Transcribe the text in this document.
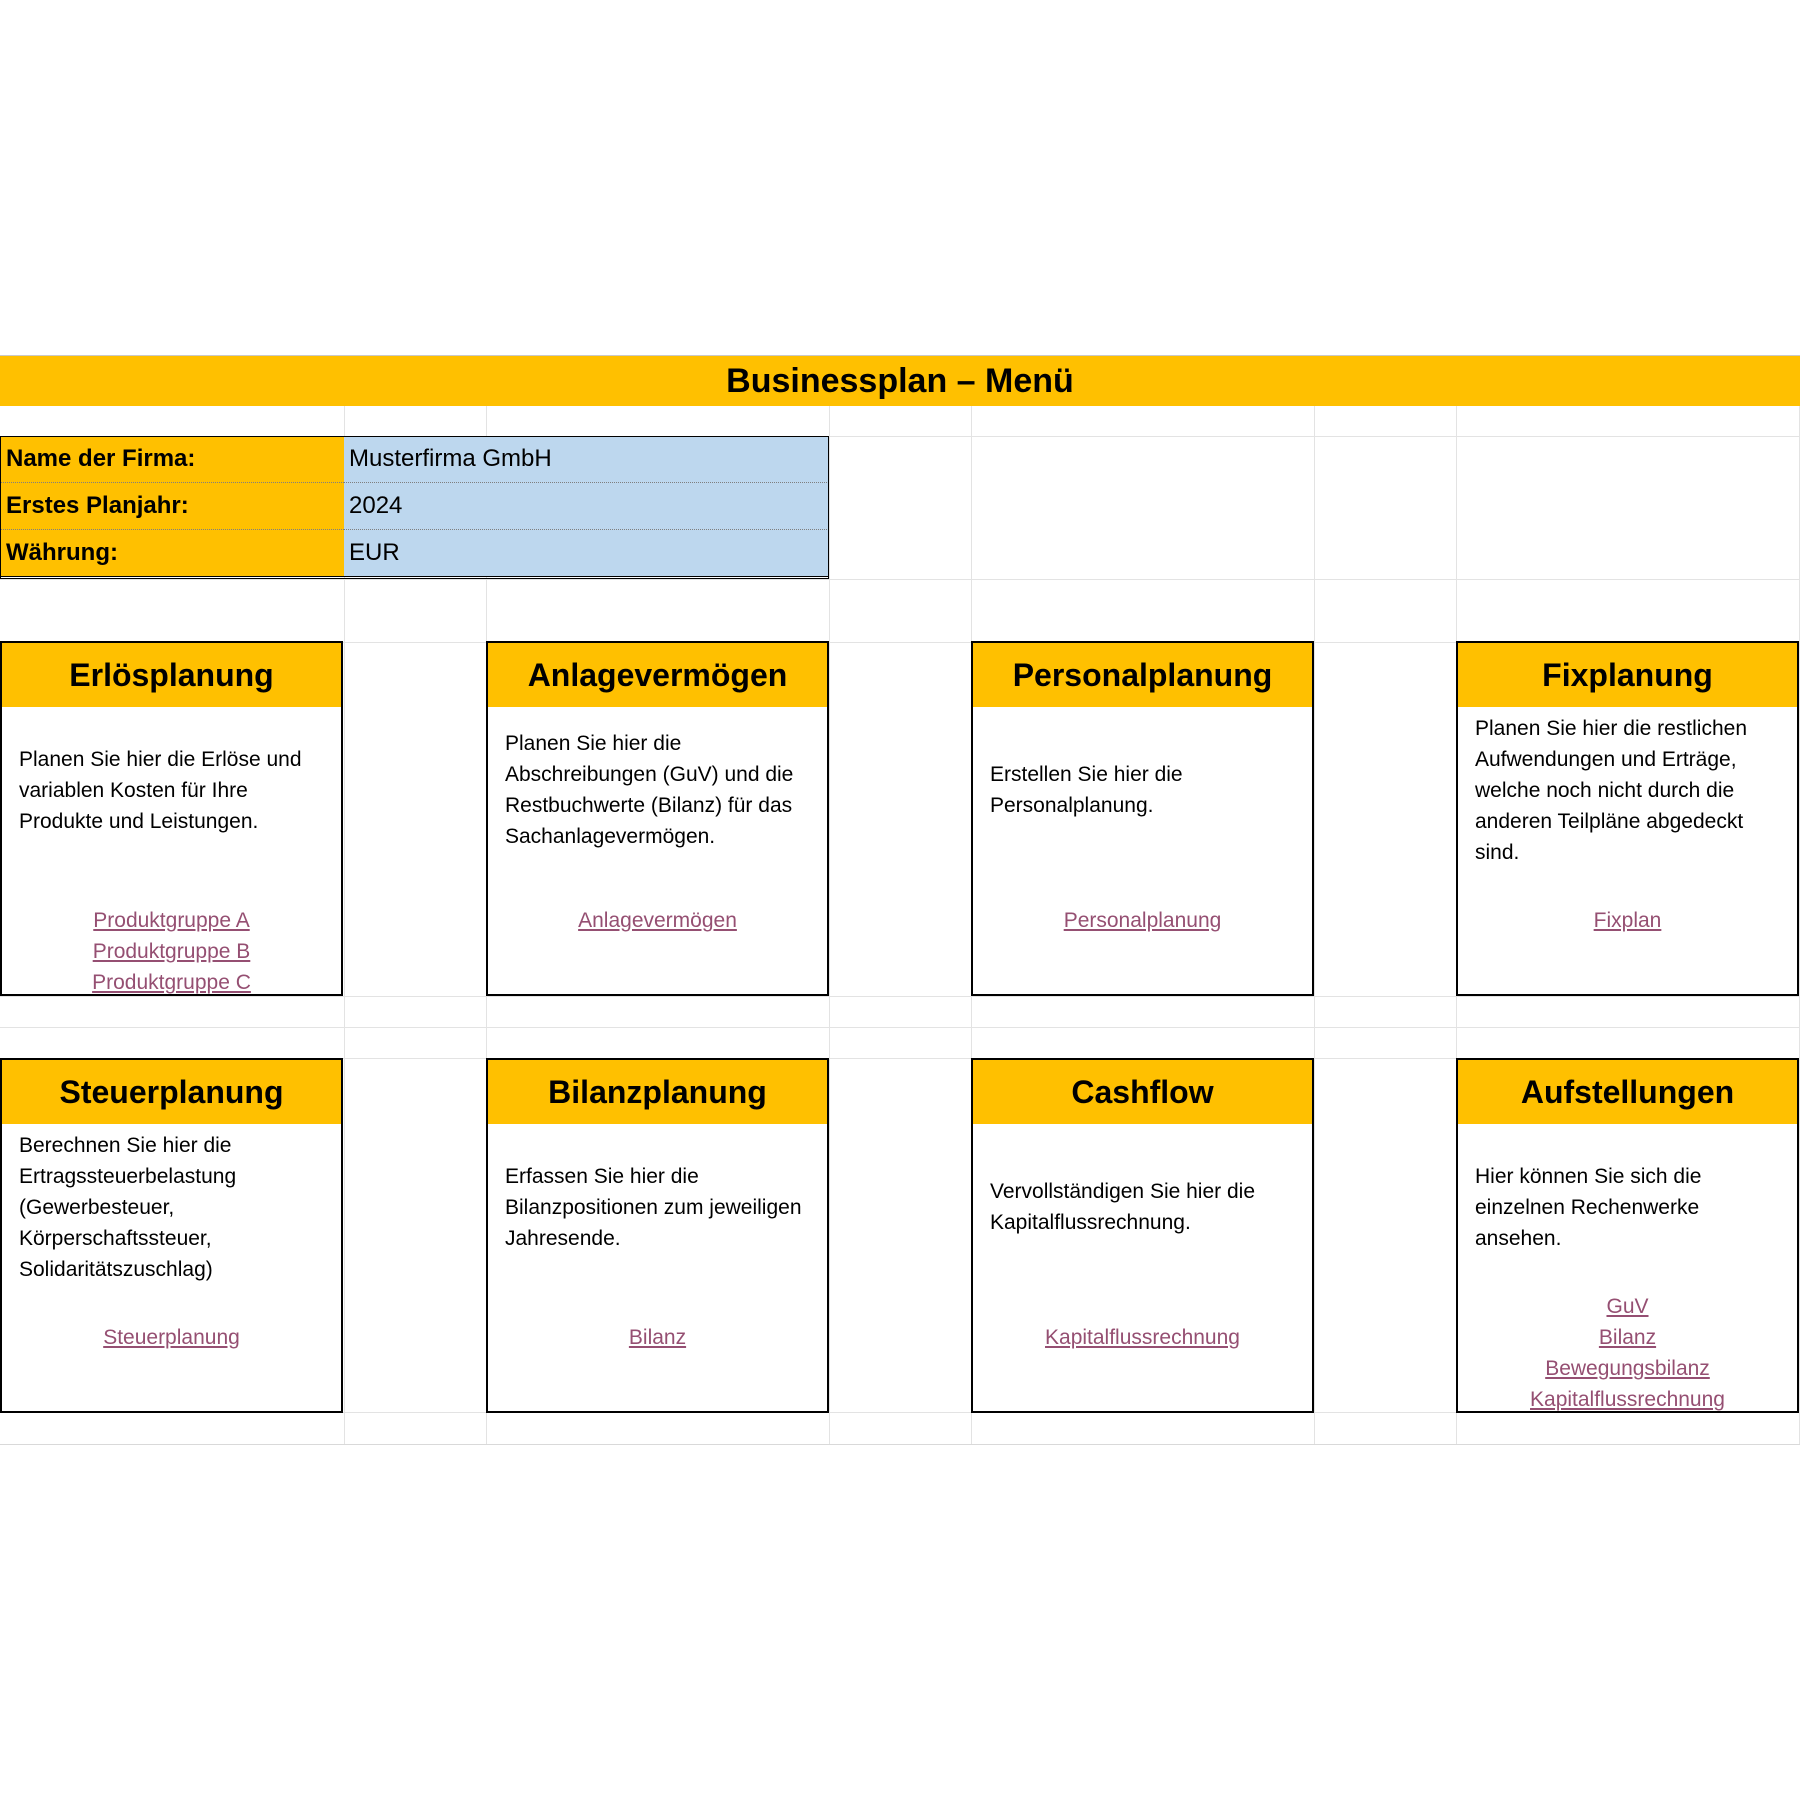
Businessplan – Menü
Name der Firma:	Musterfirma GmbH
Erstes Planjahr:	2024
Währung:	EUR
Erlösplanung
Planen Sie hier die Erlöse und
variablen Kosten für Ihre
Produkte und Leistungen.
Produktgruppe A
Produktgruppe B
Produktgruppe C
Anlagevermögen
Planen Sie hier die
Abschreibungen (GuV) und die
Restbuchwerte (Bilanz) für das
Sachanlagevermögen.
Anlagevermögen
Personalplanung
Erstellen Sie hier die
Personalplanung.
Personalplanung
Fixplanung
Planen Sie hier die restlichen
Aufwendungen und Erträge,
welche noch nicht durch die
anderen Teilpläne abgedeckt
sind.
Fixplan
Steuerplanung
Berechnen Sie hier die
Ertragssteuerbelastung
(Gewerbesteuer,
Körperschaftssteuer,
Solidaritätszuschlag)
Steuerplanung
Bilanzplanung
Erfassen Sie hier die
Bilanzpositionen zum jeweiligen
Jahresende.
Bilanz
Cashflow
Vervollständigen Sie hier die
Kapitalflussrechnung.
Kapitalflussrechnung
Aufstellungen
Hier können Sie sich die
einzelnen Rechenwerke ansehen.
GuV
Bilanz
Bewegungsbilanz
Kapitalflussrechnung
